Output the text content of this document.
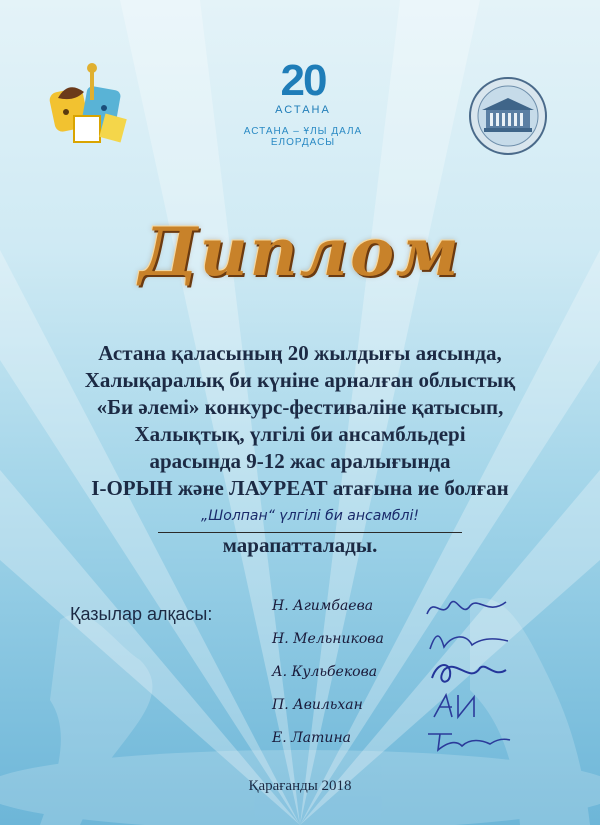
20
АСТАНА
АСТАНА – ҰЛЫ ДАЛА
ЕЛОРДАСЫ
Диплом
Астана қаласының 20 жылдығы аясында,
Халықаралық би күніне арналған облыстық
«Би әлемі» конкурс-фестиваліне қатысып,
Халықтық, үлгілі би ансамбльдері
арасында 9-12 жас аралығында
І-ОРЫН және ЛАУРЕАТ атағына ие болған
„Шолпан“ үлгілі би ансамблі!
марапатталады.
Қазылар алқасы:	Н. Агимбаева
Н. Мельникова
А. Кульбекова
П. Авильхан
Е. Латина
Қарағанды 2018
